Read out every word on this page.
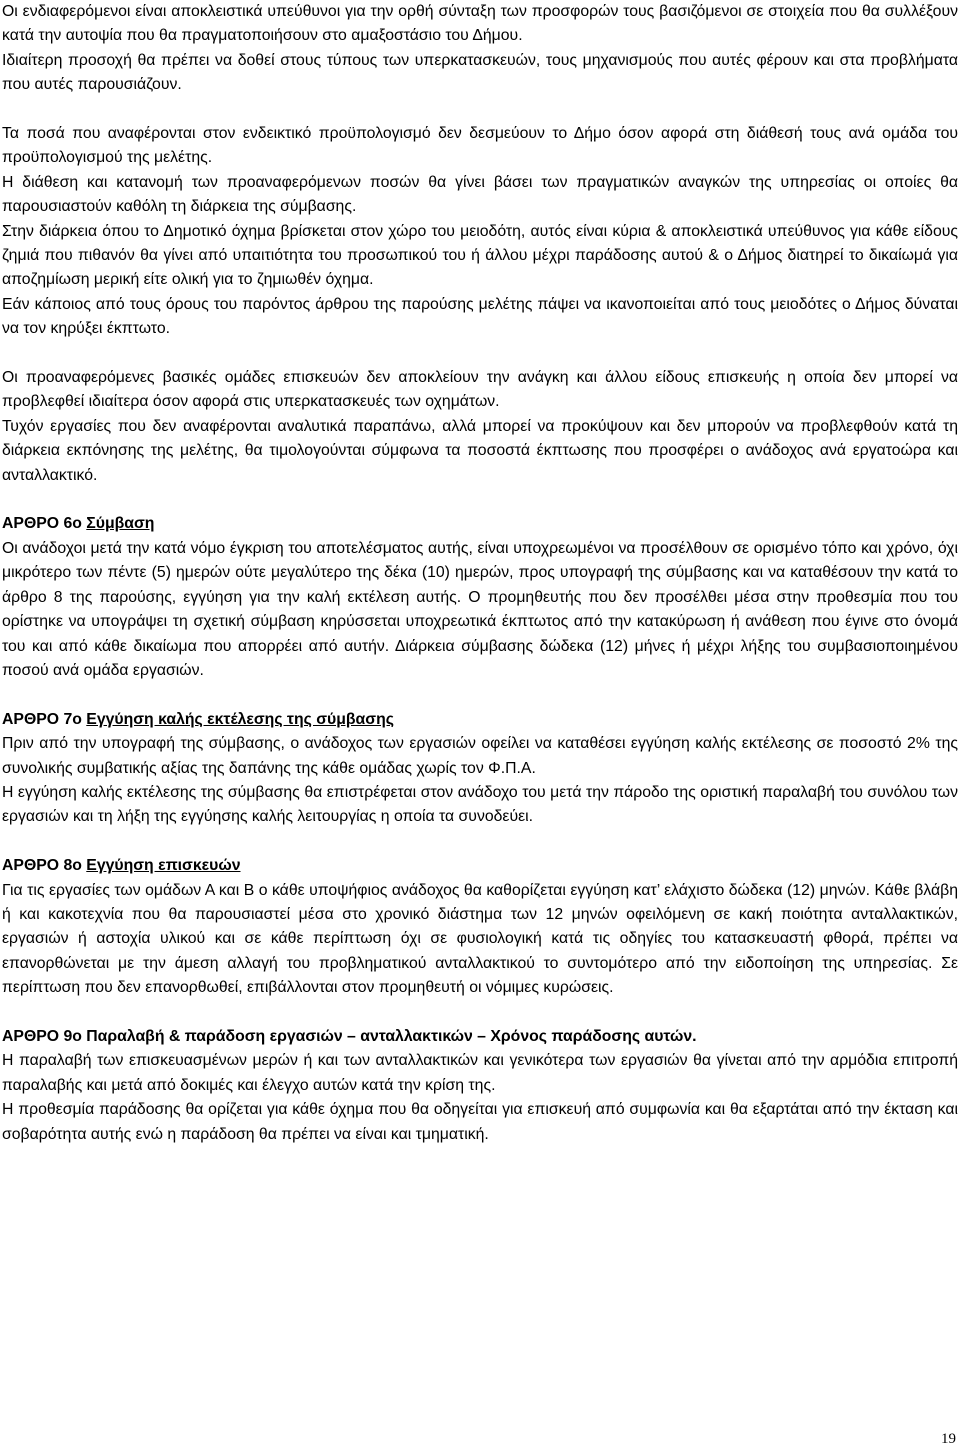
Οι ενδιαφερόμενοι είναι αποκλειστικά υπεύθυνοι για την ορθή σύνταξη των προσφορών τους βασιζόμενοι σε στοιχεία που θα συλλέξουν κατά την αυτοψία που θα πραγματοποιήσουν στο αμαξοστάσιο του Δήμου.

Ιδιαίτερη προσοχή θα πρέπει να δοθεί στους τύπους των υπερκατασκευών, τους μηχανισμούς που αυτές φέρουν και στα προβλήματα που αυτές παρουσιάζουν.

Τα ποσά που αναφέρονται στον ενδεικτικό προϋπολογισμό δεν δεσμεύουν το Δήμο όσον αφορά στη διάθεσή τους ανά ομάδα του προϋπολογισμού της μελέτης.

Η διάθεση και κατανομή των προαναφερόμενων ποσών θα γίνει βάσει των πραγματικών αναγκών της υπηρεσίας οι οποίες θα παρουσιαστούν καθόλη τη διάρκεια της σύμβασης.

Στην διάρκεια όπου το Δημοτικό όχημα βρίσκεται στον χώρο του μειοδότη, αυτός είναι κύρια & αποκλειστικά υπεύθυνος για κάθε είδους ζημιά που πιθανόν θα γίνει από υπαιτιότητα του προσωπικού του ή άλλου μέχρι παράδοσης αυτού & ο Δήμος διατηρεί το δικαίωμά για αποζημίωση μερική είτε ολική για το ζημιωθέν όχημα.

Εάν κάποιος από τους όρους του παρόντος άρθρου της παρούσης μελέτης πάψει να ικανοποιείται από τους μειοδότες ο Δήμος δύναται να τον κηρύξει έκπτωτο.

Οι προαναφερόμενες βασικές ομάδες επισκευών δεν αποκλείουν την ανάγκη και άλλου είδους επισκευής η οποία δεν μπορεί να προβλεφθεί ιδιαίτερα όσον αφορά στις υπερκατασκευές των οχημάτων.

Τυχόν εργασίες που δεν αναφέρονται αναλυτικά παραπάνω, αλλά μπορεί να προκύψουν και δεν μπορούν να προβλεφθούν κατά τη διάρκεια εκπόνησης της μελέτης, θα τιμολογούνται σύμφωνα τα ποσοστά έκπτωσης που προσφέρει ο ανάδοχος ανά εργατοώρα και ανταλλακτικό.

ΑΡΘΡΟ 6ο Σύμβαση

Οι ανάδοχοι μετά την κατά νόμο έγκριση του αποτελέσματος αυτής, είναι υποχρεωμένοι να προσέλθουν σε ορισμένο τόπο και χρόνο, όχι μικρότερο των πέντε (5) ημερών ούτε μεγαλύτερο της δέκα (10) ημερών, προς υπογραφή της σύμβασης και να καταθέσουν την κατά το άρθρο 8 της παρούσης, εγγύηση για την καλή εκτέλεση αυτής. Ο προμηθευτής που δεν προσέλθει μέσα στην προθεσμία που του ορίστηκε να υπογράψει τη σχετική σύμβαση κηρύσσεται υποχρεωτικά έκπτωτος από την κατακύρωση ή ανάθεση που έγινε στο όνομά του και από κάθε δικαίωμα που απορρέει από αυτήν. Διάρκεια σύμβασης δώδεκα (12) μήνες ή μέχρι λήξης του συμβασιοποιημένου ποσού ανά ομάδα εργασιών.

ΑΡΘΡΟ 7ο Εγγύηση καλής εκτέλεσης της σύμβασης

Πριν από την υπογραφή της σύμβασης, ο ανάδοχος των εργασιών οφείλει να καταθέσει εγγύηση καλής εκτέλεσης σε ποσοστό 2% της συνολικής συμβατικής αξίας της δαπάνης της κάθε ομάδας χωρίς τον Φ.Π.Α.

Η εγγύηση καλής εκτέλεσης της σύμβασης θα επιστρέφεται στον ανάδοχο του μετά την πάροδο της οριστική παραλαβή του συνόλου των εργασιών και τη λήξη της εγγύησης καλής λειτουργίας η οποία τα συνοδεύει.

ΑΡΘΡΟ 8ο Εγγύηση επισκευών

Για τις εργασίες των ομάδων Α και Β ο κάθε υποψήφιος ανάδοχος θα καθορίζεται εγγύηση κατ’ ελάχιστο δώδεκα (12) μηνών. Κάθε βλάβη ή και κακοτεχνία που θα παρουσιαστεί μέσα στο χρονικό διάστημα των 12 μηνών οφειλόμενη σε κακή ποιότητα ανταλλακτικών, εργασιών ή αστοχία υλικού και σε κάθε περίπτωση όχι σε φυσιολογική κατά τις οδηγίες του κατασκευαστή φθορά, πρέπει να επανορθώνεται με την άμεση αλλαγή του προβληματικού ανταλλακτικού το συντομότερο από την ειδοποίηση της υπηρεσίας. Σε περίπτωση που δεν επανορθωθεί, επιβάλλονται στον προμηθευτή οι νόμιμες κυρώσεις.

ΑΡΘΡΟ 9ο Παραλαβή & παράδοση εργασιών – ανταλλακτικών – Χρόνος παράδοσης αυτών.

Η παραλαβή των επισκευασμένων μερών ή και των ανταλλακτικών και γενικότερα των εργασιών θα γίνεται από την αρμόδια επιτροπή παραλαβής και μετά από δοκιμές και έλεγχο αυτών κατά την κρίση της.

Η προθεσμία παράδοσης θα ορίζεται για κάθε όχημα που θα οδηγείται για επισκευή από συμφωνία και θα εξαρτάται από την έκταση και σοβαρότητα αυτής ενώ η παράδοση θα πρέπει να είναι και τμηματική.

19
